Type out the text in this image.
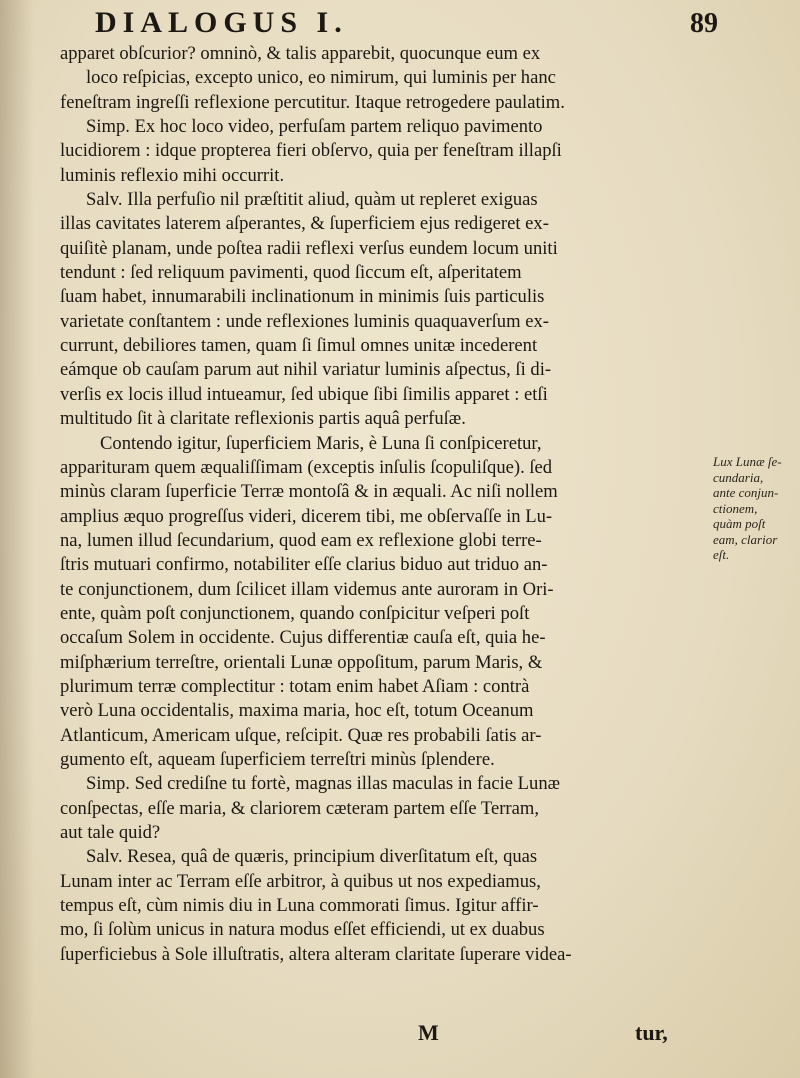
DIALOGUS I.	89
apparet obſcurior? omninò, & talis apparebit, quocunque eum ex
loco reſpicias, excepto unico, eo nimirum, qui luminis per hanc
feneſtram ingreſſi reflexione percutitur. Itaque retrogedere paulatim.
Simp. Ex hoc loco video, perfuſam partem reliquo pavimento
lucidiorem : idque propterea fieri obſervo, quia per feneſtram illapſi
luminis reflexio mihi occurrit.
Salv. Illa perfuſio nil præſtitit aliud, quàm ut repleret exiguas
illas cavitates laterem aſperantes, & ſuperficiem ejus redigeret ex-
quiſitè planam, unde poſtea radii reflexi verſus eundem locum uniti
tendunt : ſed reliquum pavimenti, quod ſiccum eſt, aſperitatem
ſuam habet, innumarabili inclinationum in minimis ſuis particulis
varietate conſtantem : unde reflexiones luminis quaquaverſum ex-
currunt, debiliores tamen, quam ſi ſimul omnes unitæ incederent
eámque ob cauſam parum aut nihil variatur luminis aſpectus, ſi di-
verſis ex locis illud intueamur, ſed ubique ſibi ſimilis apparet : etſi
multitudo ſit à claritate reflexionis partis aquâ perfuſæ.
Contendo igitur, ſuperficiem Maris, è Luna ſi conſpiceretur,
apparituram quem æqualiſſimam (exceptis inſulis ſcopuliſque). ſed
minùs claram ſuperficie Terræ montoſâ & in æquali. Ac niſi nollem
amplius æquo progreſſus videri, dicerem tibi, me obſervaſſe in Lu-
na, lumen illud ſecundarium, quod eam ex reflexione globi terre-
ſtris mutuari confirmo, notabiliter eſſe clarius biduo aut triduo an-
te conjunctionem, dum ſcilicet illam videmus ante auroram in Ori-
ente, quàm poſt conjunctionem, quando conſpicitur veſperi poſt
occaſum Solem in occidente. Cujus differentiæ cauſa eſt, quia he-
miſphærium terreſtre, orientali Lunæ oppoſitum, parum Maris, &
plurimum terræ complectitur : totam enim habet Aſiam : contrà
verò Luna occidentalis, maxima maria, hoc eſt, totum Oceanum
Atlanticum, Americam uſque, reſcipit. Quæ res probabili ſatis ar-
gumento eſt, aqueam ſuperficiem terreſtri minùs ſplendere.
Simp. Sed crediſne tu fortè, magnas illas maculas in facie Lunæ
conſpectas, eſſe maria, & clariorem cæteram partem eſſe Terram,
aut tale quid?
Salv. Resea, quâ de quæris, principium diverſitatum eſt, quas
Lunam inter ac Terram eſſe arbitror, à quibus ut nos expediamus,
tempus eſt, cùm nimis diu in Luna commorati ſimus. Igitur affir-
mo, ſi ſolùm unicus in natura modus eſſet efficiendi, ut ex duabus
ſuperficiebus à Sole illuſtratis, altera alteram claritate ſuperare videa-
Lux Lunæ ſe-
cundaria,
ante conjun-
ctionem,
quàm poſt
eam, clarior
eſt.
M	tur,
